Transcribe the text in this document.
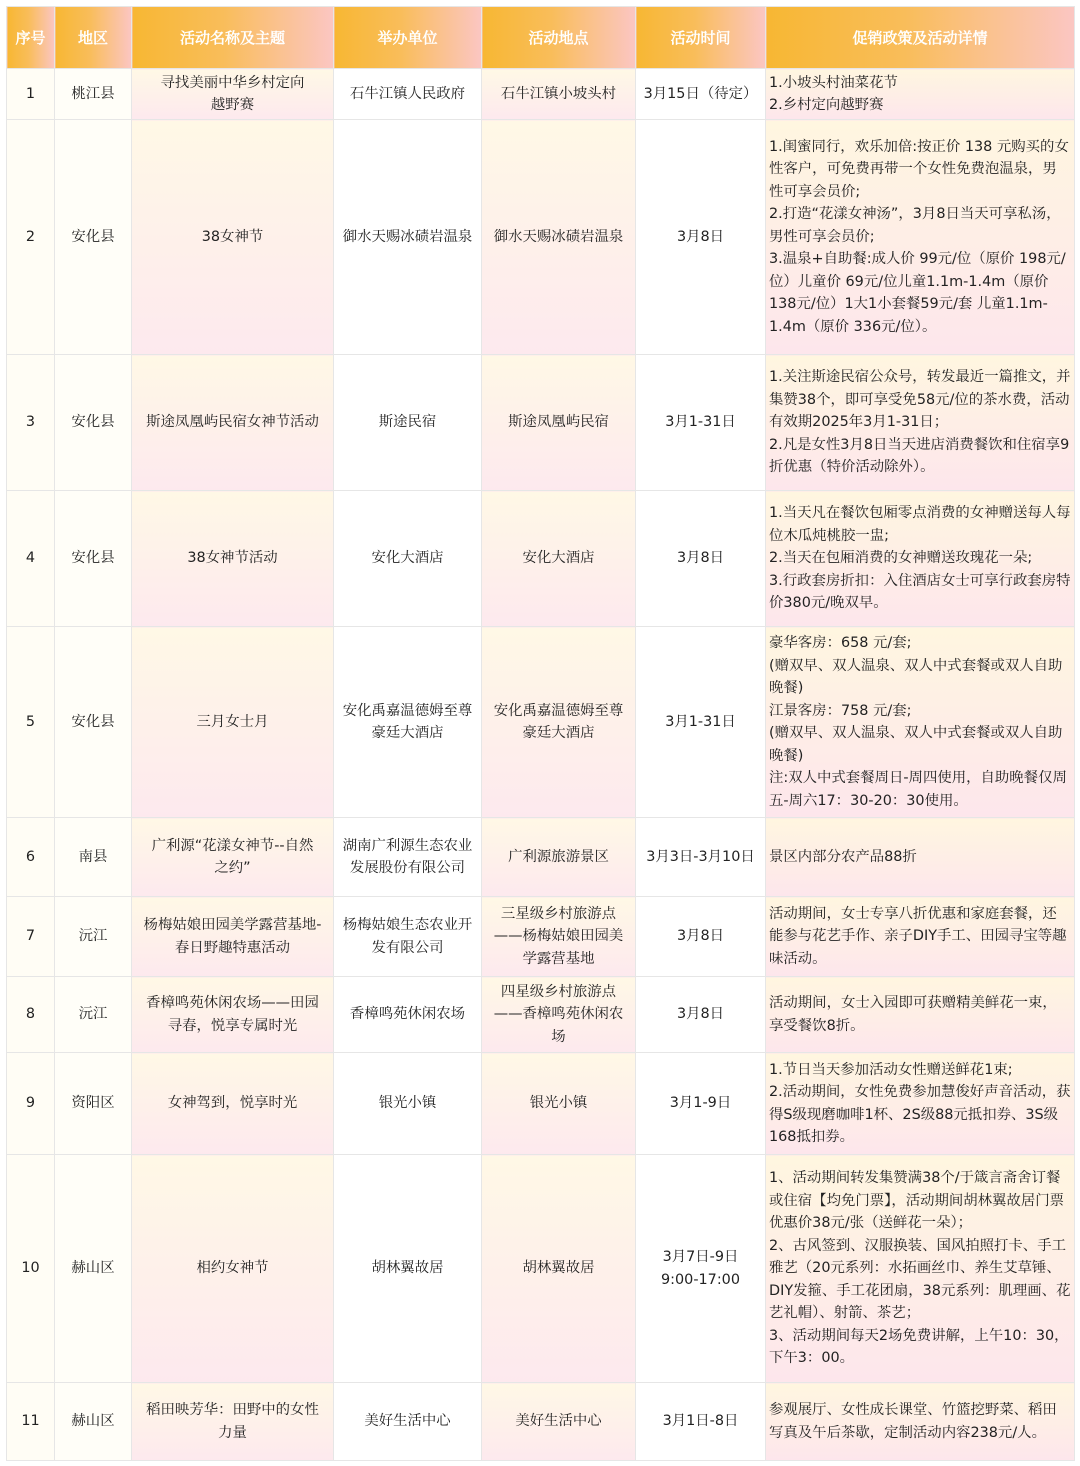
序号	地区	活动名称及主题	举办单位	活动地点	活动时间	促销政策及活动详情

1	桃江县	寻找美丽中华乡村定向
越野赛	石牛江镇人民政府	石牛江镇小坡头村	3月15日（待定）	1.小坡头村油菜花节
2.乡村定向越野赛

2	安化县	38女神节	御水天赐冰碛岩温泉	御水天赐冰碛岩温泉	3月8日	1.闺蜜同行，欢乐加倍:按正价 138 元购买的女性客户，可免费再带一个女性免费泡温泉，男性可享会员价;
2.打造“花漾女神汤”，3月8日当天可享私汤，男性可享会员价;
3.温泉+自助餐:成人价 99元/位（原价 198元/位）儿童价 69元/位儿童1.1m-1.4m（原价 138元/位）1大1小套餐59元/套 儿童1.1m-1.4m（原价 336元/位）。

3	安化县	斯途凤凰屿民宿女神节活动	斯途民宿	斯途凤凰屿民宿	3月1-31日	1.关注斯途民宿公众号，转发最近一篇推文，并集赞38个，即可享受免58元/位的茶水费，活动有效期2025年3月1-31日；
2.凡是女性3月8日当天进店消费餐饮和住宿享9折优惠（特价活动除外）。

4	安化县	38女神节活动	安化大酒店	安化大酒店	3月8日	1.当天凡在餐饮包厢零点消费的女神赠送每人每位木瓜炖桃胶一盅;
2.当天在包厢消费的女神赠送玫瑰花一朵;
3.行政套房折扣：入住酒店女士可享行政套房特价380元/晚双早。

5	安化县	三月女士月	安化禹嘉温德姆至尊
豪廷大酒店	安化禹嘉温德姆至尊
豪廷大酒店	3月1-31日	豪华客房：658 元/套;
(赠双早、双人温泉、双人中式套餐或双人自助晚餐)
江景客房：758 元/套;
(赠双早、双人温泉、双人中式套餐或双人自助晚餐)
注:双人中式套餐周日-周四使用，自助晚餐仅周五-周六17：30-20：30使用。

6	南县	广利源“花漾女神节--自然
之约”	湖南广利源生态农业
发展股份有限公司	广利源旅游景区	3月3日-3月10日	景区内部分农产品88折

7	沅江	杨梅姑娘田园美学露营基地-
春日野趣特惠活动	杨梅姑娘生态农业开
发有限公司	三星级乡村旅游点
——杨梅姑娘田园美
学露营基地	3月8日	活动期间，女士专享八折优惠和家庭套餐，还能参与花艺手作、亲子DIY手工、田园寻宝等趣味活动。

8	沅江	香樟鸣苑休闲农场——田园
寻春，悦享专属时光	香樟鸣苑休闲农场	四星级乡村旅游点
——香樟鸣苑休闲农
场	3月8日	活动期间，女士入园即可获赠精美鲜花一束，享受餐饮8折。

9	资阳区	女神驾到，悦享时光	银光小镇	银光小镇	3月1-9日	1.节日当天参加活动女性赠送鲜花1束;
2.活动期间，女性免费参加慧俊好声音活动，获得S级现磨咖啡1杯、2S级88元抵扣券、3S级168抵扣券。

10	赫山区	相约女神节	胡林翼故居	胡林翼故居	3月7日-9日
9:00-17:00	1、活动期间转发集赞满38个/于箴言斋舍订餐或住宿【均免门票】，活动期间胡林翼故居门票优惠价38元/张（送鲜花一朵）；
2、古风签到、汉服换装、国风拍照打卡、手工雅艺（20元系列：水拓画丝巾、养生艾草锤、DIY发箍、手工花团扇，38元系列：肌理画、花艺礼帽）、射箭、茶艺；
3、活动期间每天2场免费讲解，上午10：30，下午3：00。

11	赫山区	稻田映芳华：田野中的女性
力量	美好生活中心	美好生活中心	3月1日-8日	参观展厅、女性成长课堂、竹篮挖野菜、稻田写真及午后茶歇，定制活动内容238元/人。
